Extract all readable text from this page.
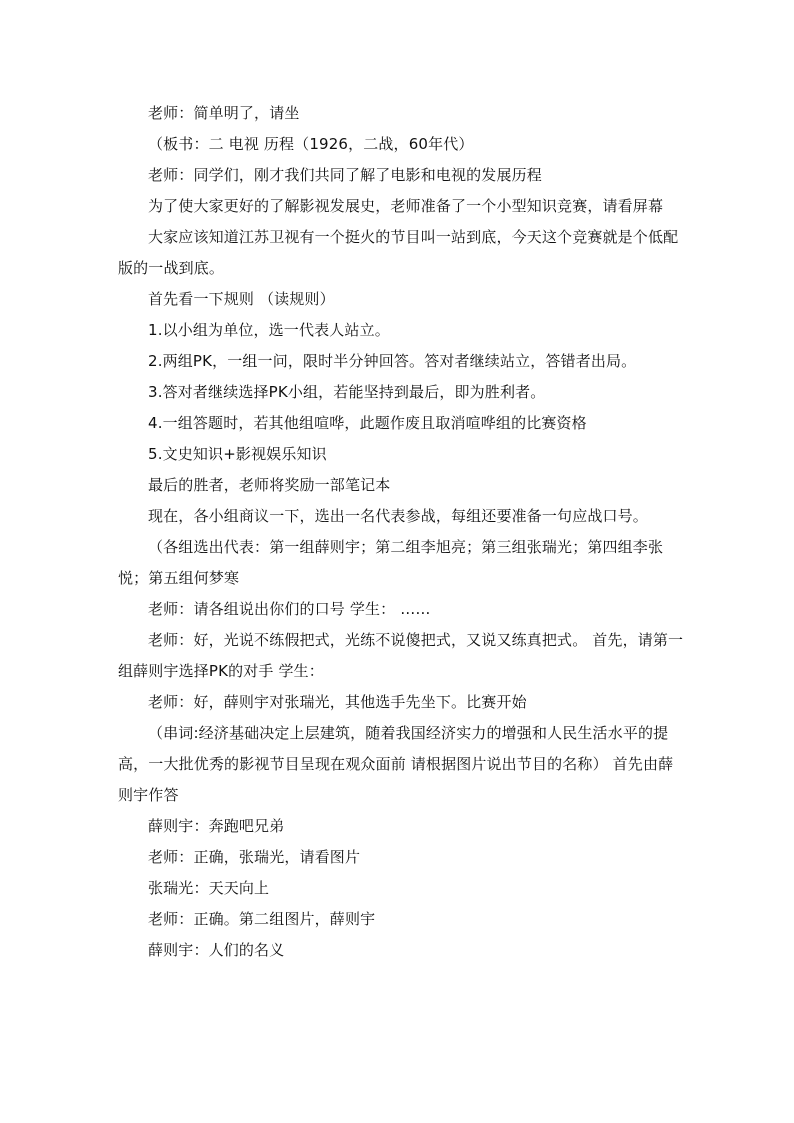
老师：简单明了，请坐

（板书：二 电视 历程（1926，二战，60年代）

老师：同学们，刚才我们共同了解了电影和电视的发展历程

为了使大家更好的了解影视发展史，老师准备了一个小型知识竞赛，请看屏幕

大家应该知道江苏卫视有一个挺火的节目叫一站到底，今天这个竞赛就是个低配版的一战到底。

首先看一下规则 （读规则）

1.以小组为单位，选一代表人站立。

2.两组PK，一组一问，限时半分钟回答。答对者继续站立，答错者出局。

3.答对者继续选择PK小组，若能坚持到最后，即为胜利者。

4.一组答题时，若其他组喧哗，此题作废且取消喧哗组的比赛资格

5.文史知识+影视娱乐知识

最后的胜者，老师将奖励一部笔记本

现在，各小组商议一下，选出一名代表参战，每组还要准备一句应战口号。

（各组选出代表：第一组薛则宇；第二组李旭亮；第三组张瑞光；第四组李张悦；第五组何梦寒

老师：请各组说出你们的口号 学生： ……

老师：好，光说不练假把式，光练不说傻把式，又说又练真把式。 首先，请第一组薛则宇选择PK的对手 学生：

老师：好，薛则宇对张瑞光，其他选手先坐下。比赛开始

（串词:经济基础决定上层建筑，随着我国经济实力的增强和人民生活水平的提高，一大批优秀的影视节目呈现在观众面前 请根据图片说出节目的名称） 首先由薛则宇作答

薛则宇：奔跑吧兄弟

老师：正确，张瑞光，请看图片

张瑞光：天天向上

老师：正确。第二组图片，薛则宇

薛则宇：人们的名义
